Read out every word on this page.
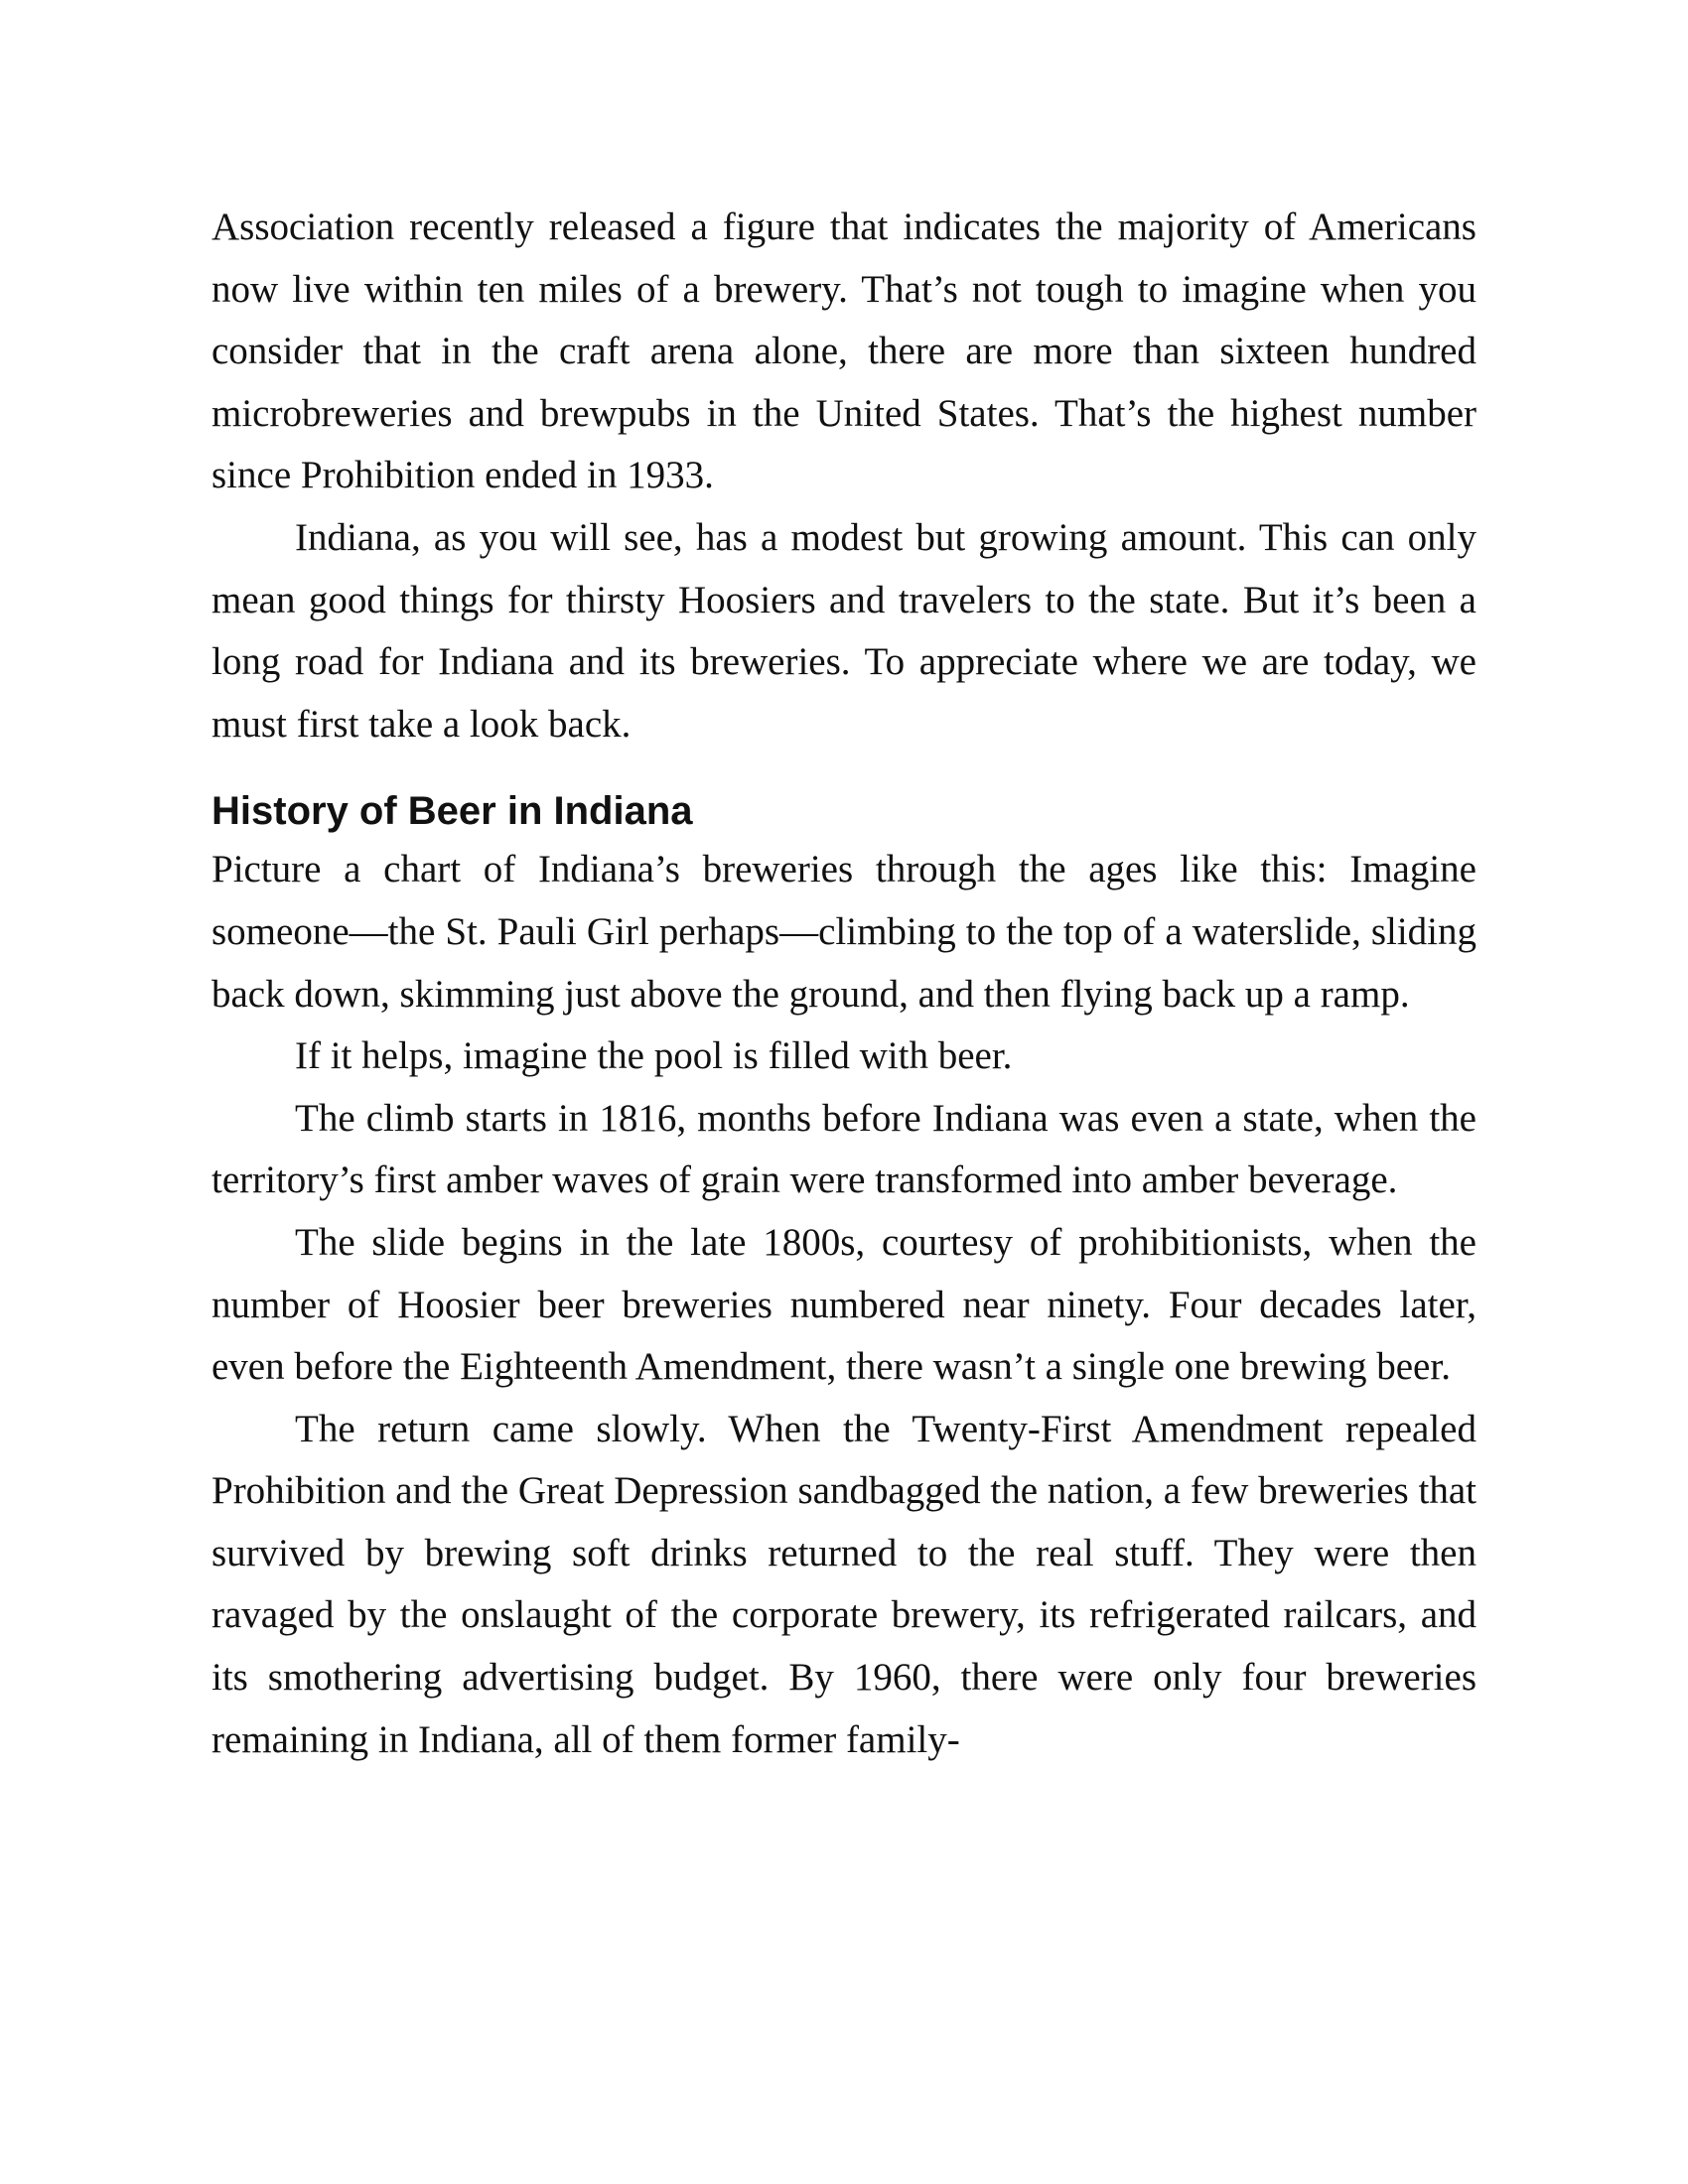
Association recently released a figure that indicates the majority of Americans now live within ten miles of a brewery. That’s not tough to imagine when you consider that in the craft arena alone, there are more than sixteen hundred microbreweries and brewpubs in the United States. That’s the highest number since Prohibition ended in 1933.

Indiana, as you will see, has a modest but growing amount. This can only mean good things for thirsty Hoosiers and travelers to the state. But it’s been a long road for Indiana and its breweries. To appreciate where we are today, we must first take a look back.

History of Beer in Indiana

Picture a chart of Indiana’s breweries through the ages like this: Imagine someone—the St. Pauli Girl perhaps—climbing to the top of a waterslide, sliding back down, skimming just above the ground, and then flying back up a ramp.

If it helps, imagine the pool is filled with beer.

The climb starts in 1816, months before Indiana was even a state, when the territory’s first amber waves of grain were transformed into amber beverage.

The slide begins in the late 1800s, courtesy of prohibitionists, when the number of Hoosier beer breweries numbered near ninety. Four decades later, even before the Eighteenth Amendment, there wasn’t a single one brewing beer.

The return came slowly. When the Twenty-First Amendment repealed Prohibition and the Great Depression sandbagged the nation, a few breweries that survived by brewing soft drinks returned to the real stuff. They were then ravaged by the onslaught of the corporate brewery, its refrigerated railcars, and its smothering advertising budget. By 1960, there were only four breweries remaining in Indiana, all of them former family-
